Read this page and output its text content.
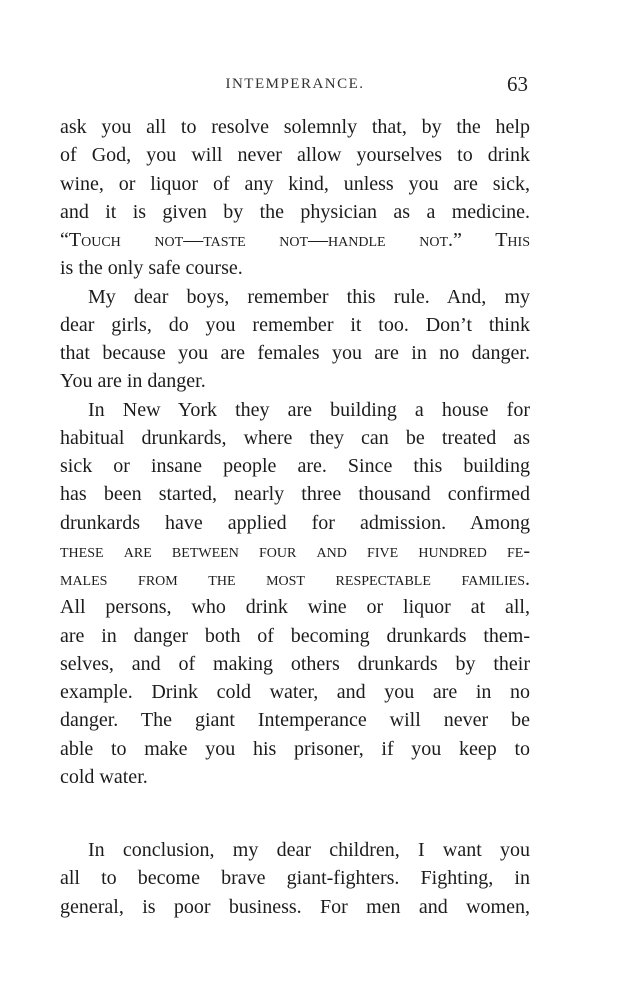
INTEMPERANCE.	63
ask you all to resolve solemnly that, by the help
of God, you will never allow yourselves to drink
wine, or liquor of any kind, unless you are sick,
and it is given by the physician as a medicine.
“Touch not—taste not—handle not.” This
is the only safe course.
My dear boys, remember this rule. And, my
dear girls, do you remember it too. Don’t think
that because you are females you are in no danger.
You are in danger.
In New York they are building a house for
habitual drunkards, where they can be treated as
sick or insane people are. Since this building
has been started, nearly three thousand confirmed
drunkards have applied for admission. Among
these are between four and five hundred fe-
males from the most respectable families.
All persons, who drink wine or liquor at all,
are in danger both of becoming drunkards them-
selves, and of making others drunkards by their
example. Drink cold water, and you are in no
danger. The giant Intemperance will never be
able to make you his prisoner, if you keep to
cold water.
In conclusion, my dear children, I want you
all to become brave giant-fighters. Fighting, in
general, is poor business. For men and women,
